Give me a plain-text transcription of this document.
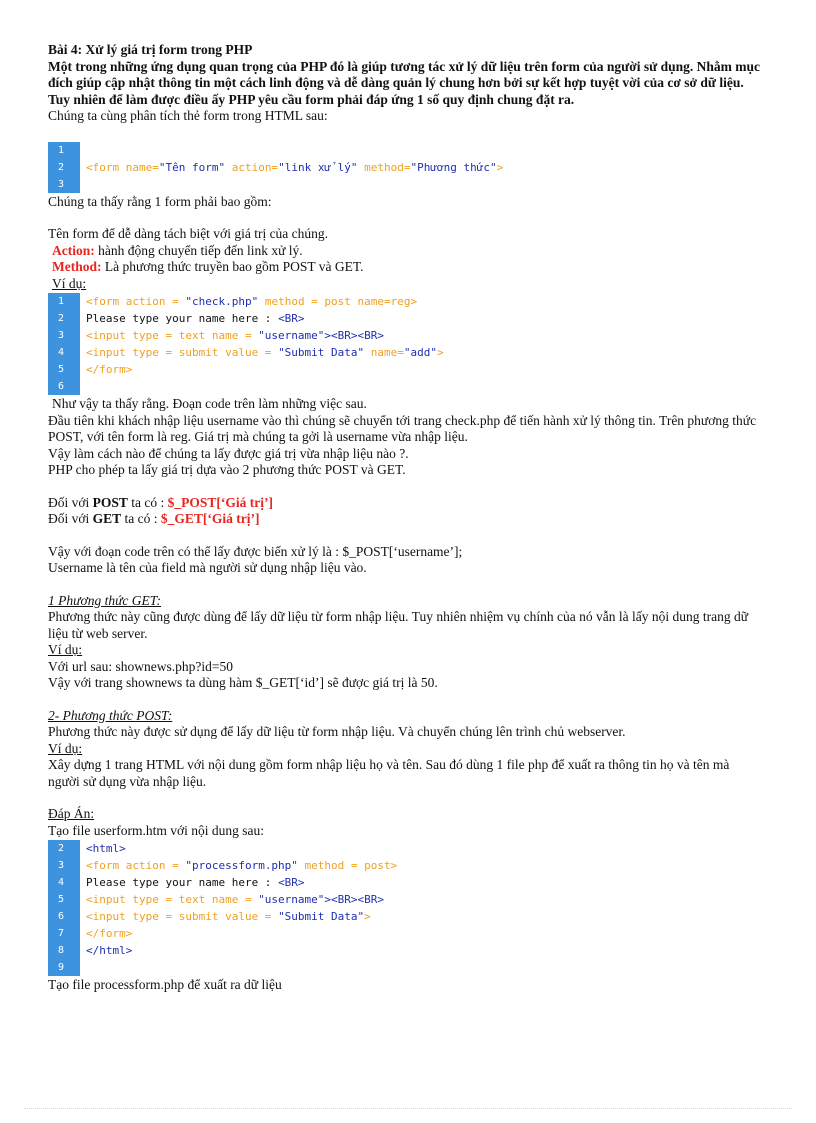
Bài 4: Xử lý giá trị form trong PHP

Một trong những ứng dụng quan trọng của PHP đó là giúp tương tác xử lý dữ liệu trên form của người sử dụng. Nhằm mục đích giúp cập nhật thông tin một cách linh động và dễ dàng quản lý chung hơn bởi sự kết hợp tuyệt vời của cơ sở dữ liệu. Tuy nhiên để làm được điều ấy PHP yêu cầu form phải đáp ứng 1 số quy định chung đặt ra.

Chúng ta cùng phân tích thẻ form trong HTML sau:

1
2
3
<form name="Tên form" action="link xử lý" method="Phương thức">

Chúng ta thấy rằng 1 form phải bao gồm:

Tên form để dễ dàng tách biệt với giá trị của chúng.

Action: hành động chuyển tiếp đến link xử lý.

Method: Là phương thức truyền bao gồm POST và GET.

Ví dụ:

1
2
3
4
5
6
<form action = "check.php" method = post name=reg>
Please type your name here : <BR>
<input type = text name = "username"><BR><BR>
<input type = submit value = "Submit Data" name="add">
</form>

Như vậy ta thấy rằng. Đoạn code trên làm những việc sau.

Đầu tiên khi khách nhập liệu username vào thì chúng sẽ chuyển tới trang check.php để tiến hành xử lý thông tin. Trên phương thức POST, với tên form là reg. Giá trị mà chúng ta gởi là username vừa nhập liệu.

Vậy làm cách nào để chúng ta lấy được giá trị vừa nhập liệu nào ?.

PHP cho phép ta lấy giá trị dựa vào 2 phương thức POST và GET.

Đối với POST ta có : $_POST[‘Giá trị’]

Đối với GET ta có : $_GET[‘Giá trị’]

Vậy với đoạn code trên có thể lấy được biến xử lý là : $_POST[‘username’];

Username là tên của field mà người sử dụng nhập liệu vào.

1 Phương thức GET:

Phương thức này cũng được dùng để lấy dữ liệu từ form nhập liệu. Tuy nhiên nhiệm vụ chính của nó vẫn là lấy nội dung trang dữ liệu từ web server.

Ví dụ:

Với url sau: shownews.php?id=50

Vậy với trang shownews ta dùng hàm $_GET[‘id’] sẽ được giá trị là 50.

2- Phương thức POST:

Phương thức này được sử dụng để lấy dữ liệu từ form nhập liệu. Và chuyển chúng lên trình chủ webserver.

Ví dụ:

Xây dựng 1 trang HTML với nội dung gồm form nhập liệu họ và tên. Sau đó dùng 1 file php để xuất ra thông tin họ và tên mà người sử dụng vừa nhập liệu.

Đáp Án:

Tạo file userform.htm với nội dung sau:

2
3
4
5
6
7
8
9
<html>
<form action = "processform.php" method = post>
Please type your name here : <BR>
<input type = text name = "username"><BR><BR>
<input type = submit value = "Submit Data">
</form>
</html>

Tạo file processform.php để xuất ra dữ liệu
